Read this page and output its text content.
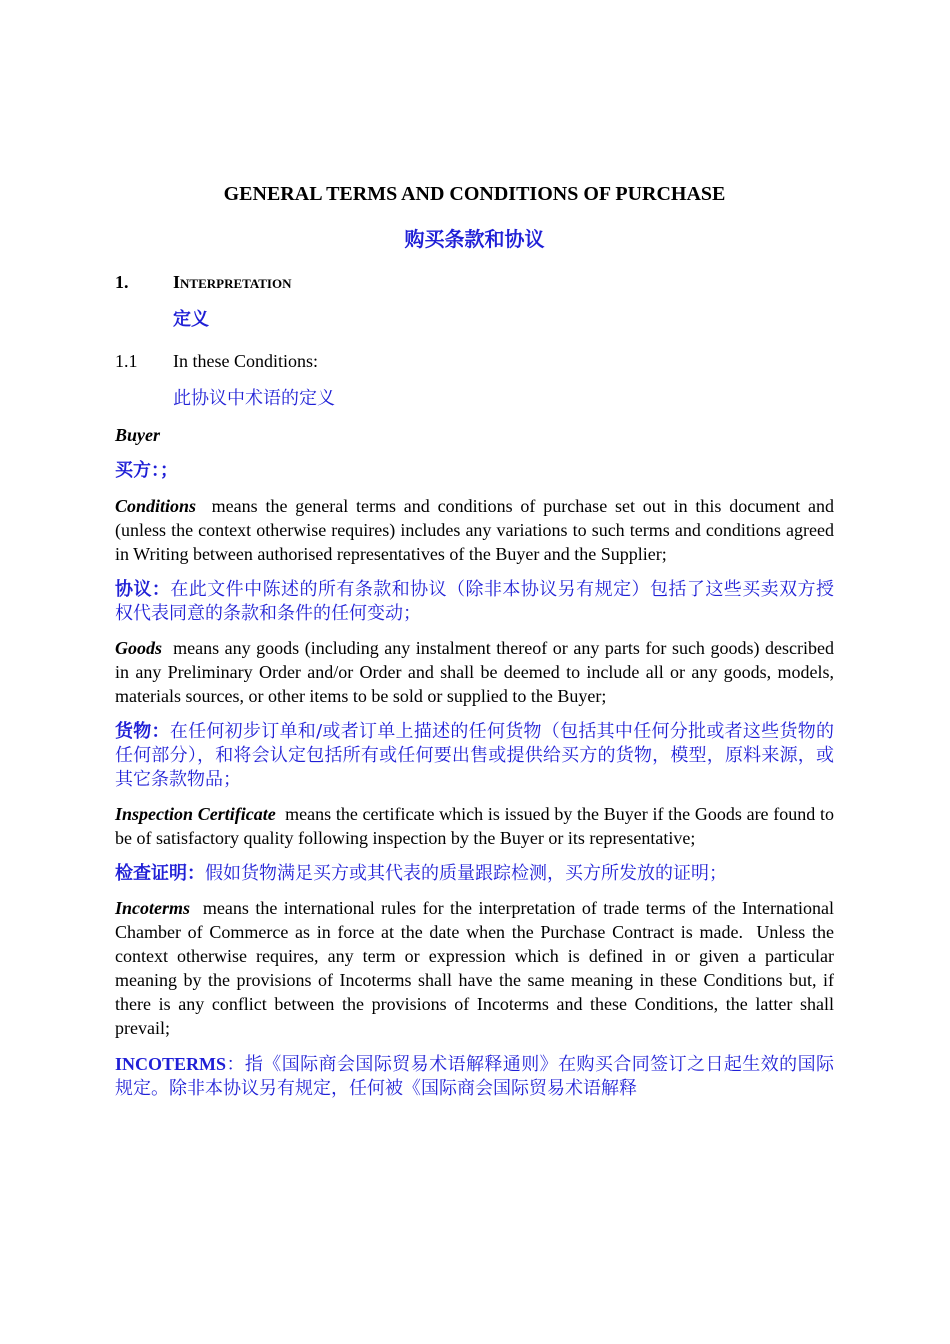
GENERAL TERMS AND CONDITIONS OF PURCHASE

购买条款和协议

1.	Interpretation
定义
1.1	In these Conditions:
此协议中术语的定义
Buyer
买方：；
Conditions  means the general terms and conditions of purchase set out in this document and (unless the context otherwise requires) includes any variations to such terms and conditions agreed in Writing between authorised representatives of the Buyer and the Supplier;
协议：在此文件中陈述的所有条款和协议（除非本协议另有规定）包括了这些买卖双方授权代表同意的条款和条件的任何变动；
Goods  means any goods (including any instalment thereof or any parts for such goods) described in any Preliminary Order and/or Order and shall be deemed to include all or any goods, models, materials sources, or other items to be sold or supplied to the Buyer;
货物：在任何初步订单和/或者订单上描述的任何货物（包括其中任何分批或者这些货物的任何部分），和将会认定包括所有或任何要出售或提供给买方的货物，模型，原料来源，或其它条款物品；
Inspection Certificate  means the certificate which is issued by the Buyer if the Goods are found to be of satisfactory quality following inspection by the Buyer or its representative;
检查证明：假如货物满足买方或其代表的质量跟踪检测，买方所发放的证明；
Incoterms  means the international rules for the interpretation of trade terms of the International Chamber of Commerce as in force at the date when the Purchase Contract is made.  Unless the context otherwise requires, any term or expression which is defined in or given a particular meaning by the provisions of Incoterms shall have the same meaning in these Conditions but, if there is any conflict between the provisions of Incoterms and these Conditions, the latter shall prevail;
INCOTERMS：指《国际商会国际贸易术语解释通则》在购买合同签订之日起生效的国际规定。除非本协议另有规定，任何被《国际商会国际贸易术语解释
